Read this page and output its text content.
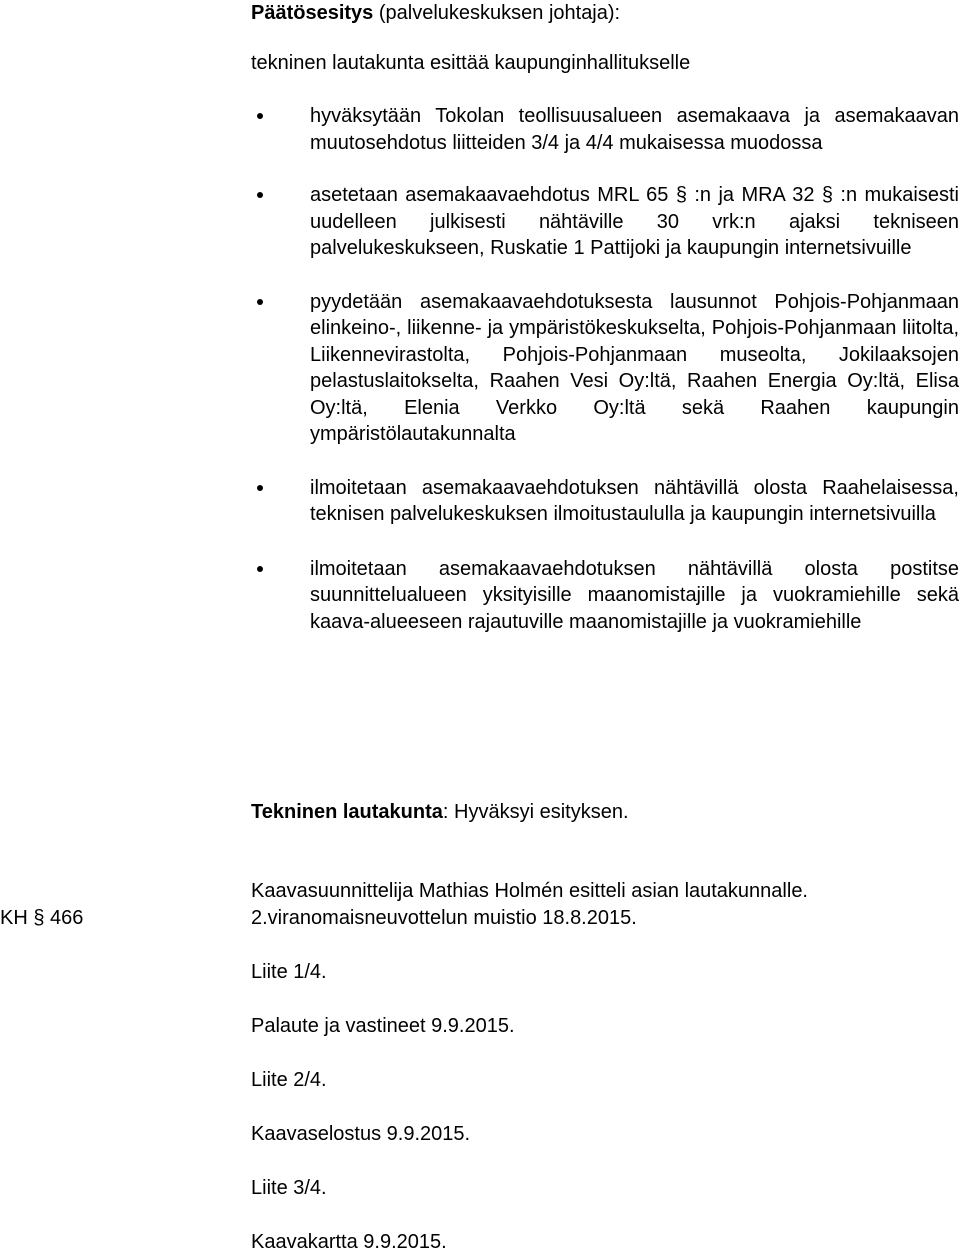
Päätösesitys (palvelukeskuksen johtaja):
tekninen lautakunta esittää kaupunginhallitukselle
hyväksytään Tokolan teollisuusalueen asemakaava ja asemakaavan muutosehdotus liitteiden 3/4 ja 4/4 mukaisessa muodossa
asetetaan asemakaavaehdotus MRL 65 § :n ja MRA 32 § :n mukaisesti uudelleen julkisesti nähtäville 30 vrk:n ajaksi tekniseen palvelukeskukseen, Ruskatie 1 Pattijoki ja kaupungin internetsivuille
pyydetään asemakaavaehdotuksesta lausunnot Pohjois-Pohjanmaan elinkeino-, liikenne- ja ympäristökeskukselta, Pohjois-Pohjanmaan liitolta, Liikennevirastolta, Pohjois-Pohjanmaan museolta, Jokilaaksojen pelastuslaitokselta, Raahen Vesi Oy:ltä, Raahen Energia Oy:ltä, Elisa Oy:ltä, Elenia Verkko Oy:ltä sekä Raahen kaupungin ympäristölautakunnalta
ilmoitetaan asemakaavaehdotuksen nähtävillä olosta Raahelaisessa, teknisen palvelukeskuksen ilmoitustaululla ja kaupungin internetsivuilla
ilmoitetaan asemakaavaehdotuksen nähtävillä olosta postitse suunnittelualueen yksityisille maanomistajille ja vuokramiehille sekä kaava-alueeseen rajautuville maanomistajille ja vuokramiehille
Tekninen lautakunta: Hyväksyi esityksen.
KH § 466
Kaavasuunnittelija Mathias Holmén esitteli asian lautakunnalle.
2.viranomaisneuvottelun muistio 18.8.2015.
Liite 1/4.
Palaute ja vastineet 9.9.2015.
Liite 2/4.
Kaavaselostus 9.9.2015.
Liite 3/4.
Kaavakartta 9.9.2015.
